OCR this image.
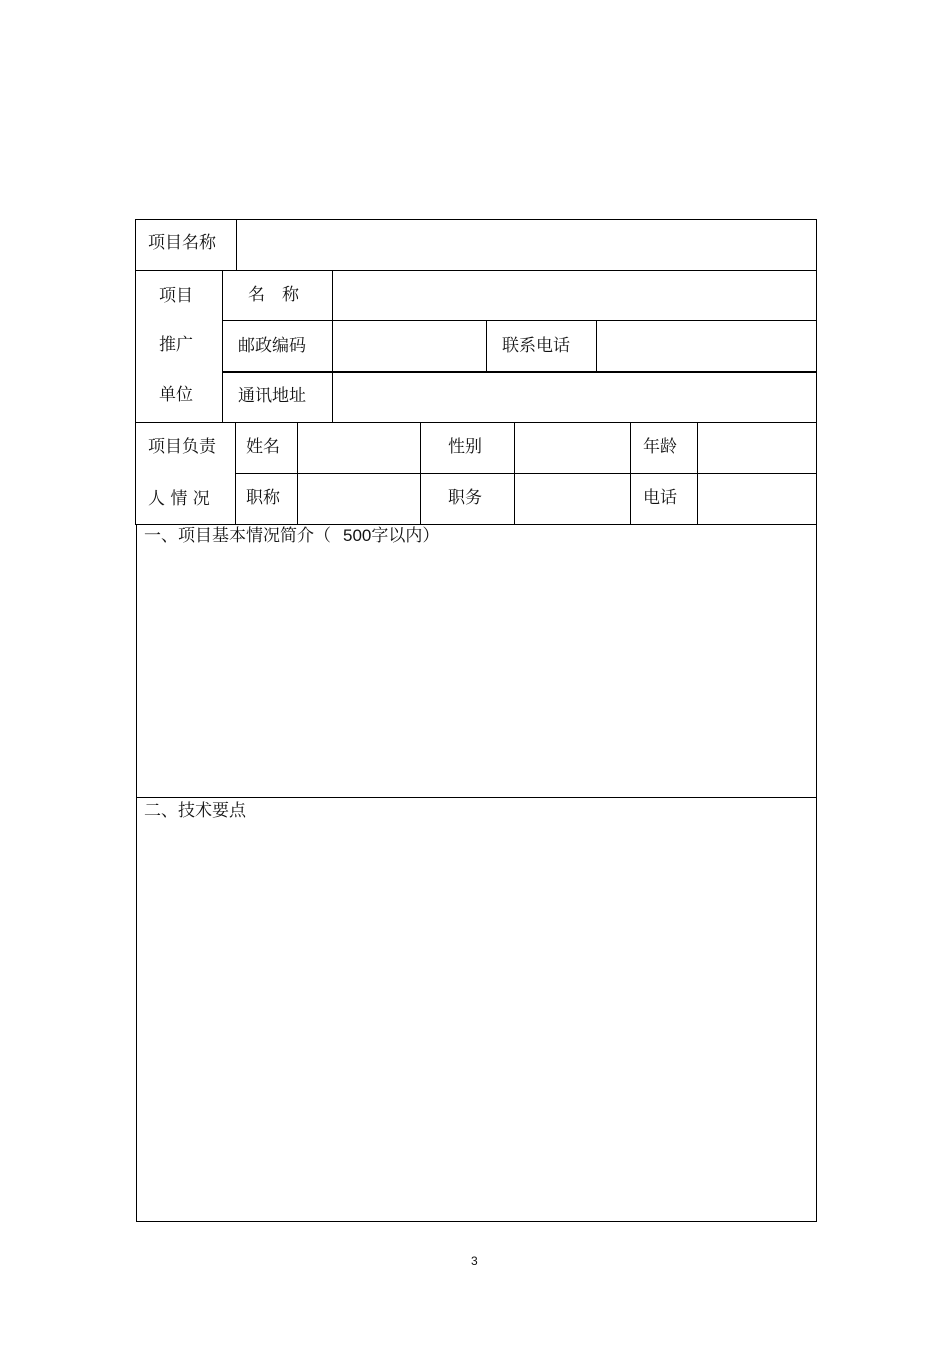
项目名称
项目
推广
单位
名　称
邮政编码	联系电话
通讯地址
项目负责
人 情 况
姓名	性别	年龄
职称	职务	电话
一、项目基本情况简介（ 500字以内）
二、技术要点
3
